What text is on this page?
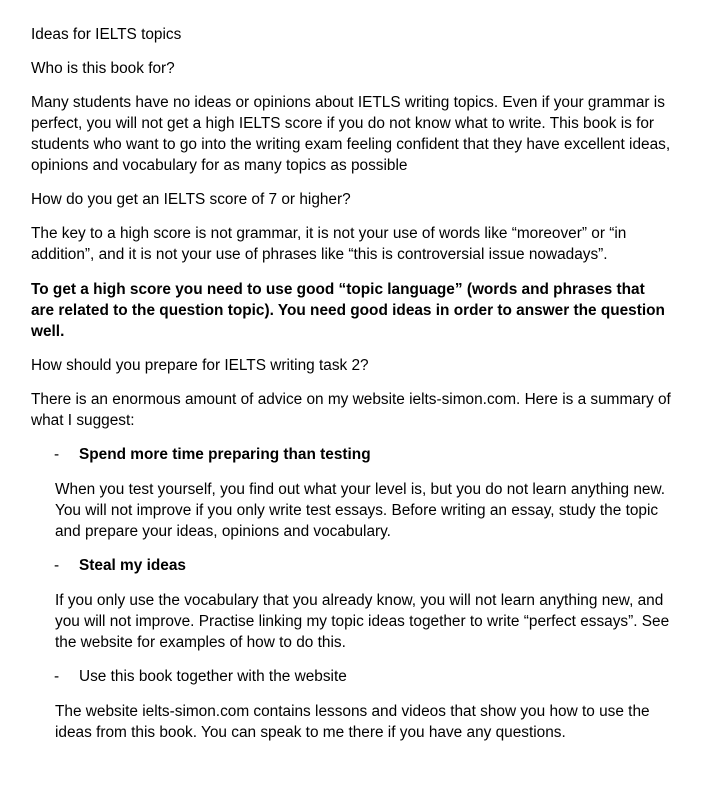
Ideas for IELTS topics

Who is this book for?

Many students have no ideas or opinions about IETLS writing topics. Even if your grammar is perfect, you will not get a high IELTS score if you do not know what to write. This book is for students who want to go into the writing exam feeling confident that they have excellent ideas, opinions and vocabulary for as many topics as possible

How do you get an IELTS score of 7 or higher?

The key to a high score is not grammar, it is not your use of words like “moreover” or “in addition”, and it is not your use of phrases like “this is controversial issue nowadays”.

To get a high score you need to use good “topic language” (words and phrases that are related to the question topic). You need good ideas in order to answer the question well.

How should you prepare for IELTS writing task 2?

There is an enormous amount of advice on my website ielts-simon.com. Here is a summary of what I suggest:

-	Spend more time preparing than testing

When you test yourself, you find out what your level is, but you do not learn anything new. You will not improve if you only write test essays. Before writing an essay, study the topic and prepare your ideas, opinions and vocabulary.

-	Steal my ideas

If you only use the vocabulary that you already know, you will not learn anything new, and you will not improve. Practise linking my topic ideas together to write “perfect essays”. See the website for examples of how to do this.

-	Use this book together with the website

The website ielts-simon.com contains lessons and videos that show you how to use the ideas from this book. You can speak to me there if you have any questions.
